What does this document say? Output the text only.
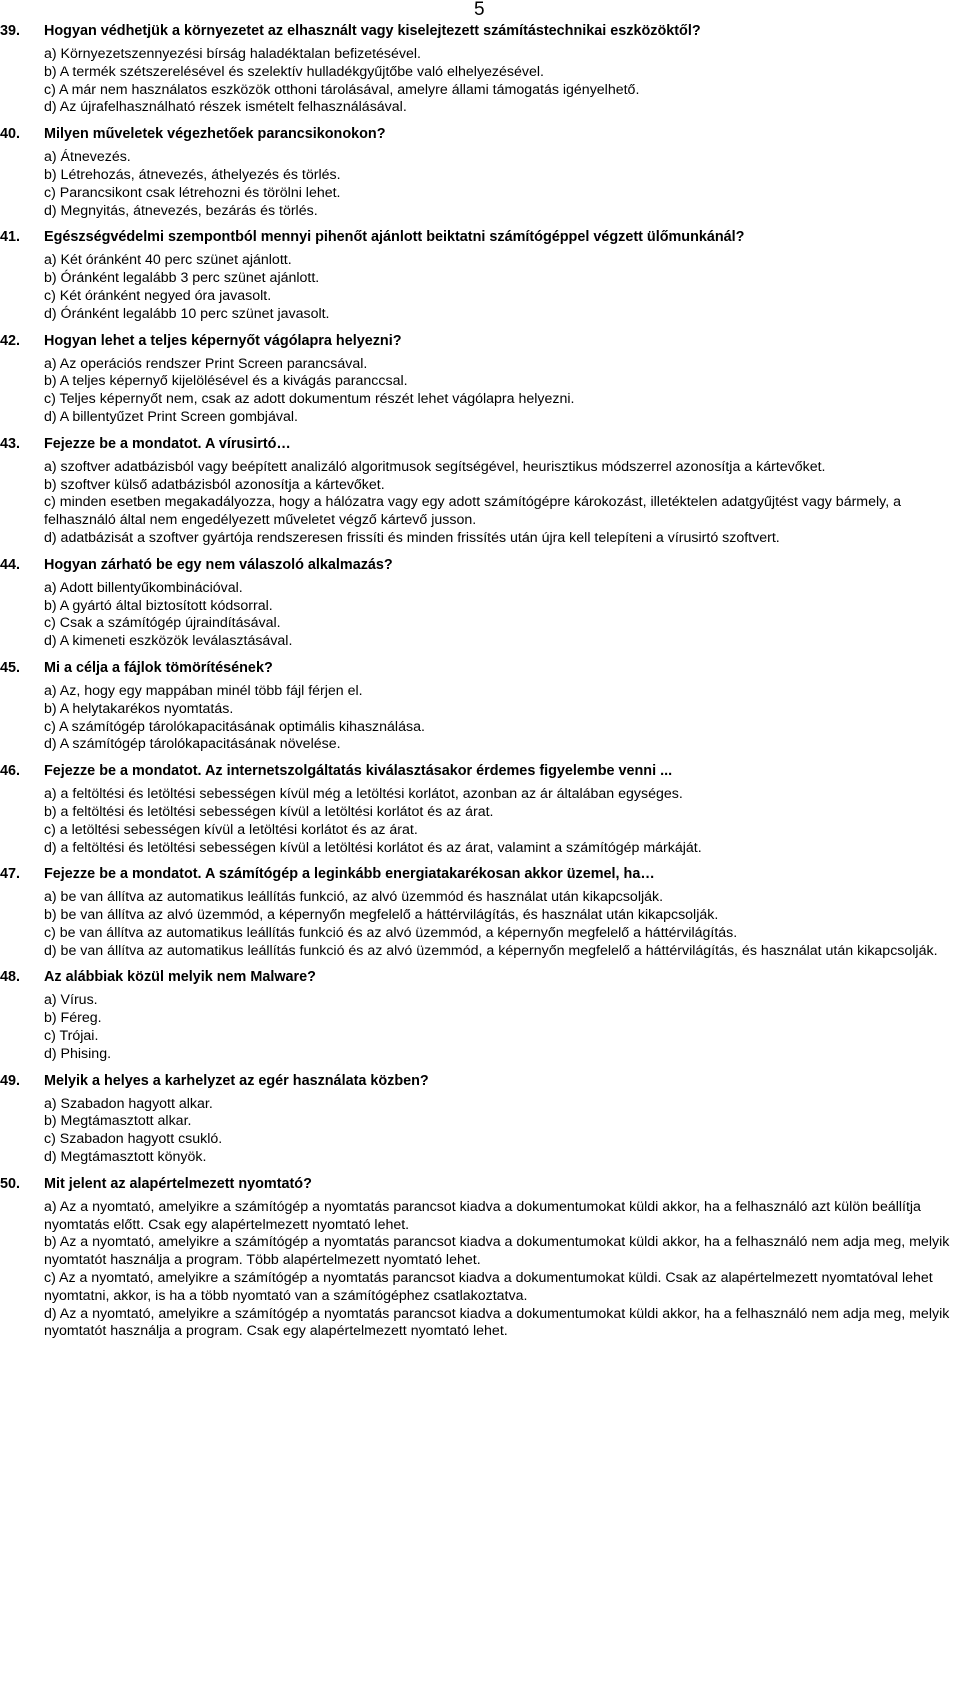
5
39.	Hogyan védhetjük a környezetet az elhasznált vagy kiselejtezett számítástechnikai eszközöktől?
a) Környezetszennyezési bírság haladéktalan befizetésével.
b) A termék szétszerelésével és szelektív hulladékgyűjtőbe való elhelyezésével.
c) A már nem használatos eszközök otthoni tárolásával, amelyre állami támogatás igényelhető.
d) Az újrafelhasználható részek ismételt felhasználásával.
40.	Milyen műveletek végezhetőek parancsikonokon?
a) Átnevezés.
b) Létrehozás, átnevezés, áthelyezés és törlés.
c) Parancsikont csak létrehozni és törölni lehet.
d) Megnyitás, átnevezés, bezárás és törlés.
41.	Egészségvédelmi szempontból mennyi pihenőt ajánlott beiktatni számítógéppel végzett ülőmunkánál?
a) Két óránként 40 perc szünet ajánlott.
b) Óránként legalább 3 perc szünet ajánlott.
c) Két óránként negyed óra javasolt.
d) Óránként legalább 10 perc szünet javasolt.
42.	Hogyan lehet a teljes képernyőt vágólapra helyezni?
a) Az operációs rendszer Print Screen parancsával.
b) A teljes képernyő kijelölésével és a kivágás paranccsal.
c) Teljes képernyőt nem, csak az adott dokumentum részét lehet vágólapra helyezni.
d) A billentyűzet Print Screen gombjával.
43.	Fejezze be a mondatot. A vírusirtó…
a) szoftver adatbázisból vagy beépített analizáló algoritmusok segítségével, heurisztikus módszerrel azonosítja a kártevőket.
b) szoftver külső adatbázisból azonosítja a kártevőket.
c) minden esetben megakadályozza, hogy a hálózatra vagy egy adott számítógépre károkozást, illetéktelen adatgyűjtést vagy bármely, a felhasználó által nem engedélyezett műveletet végző kártevő jusson.
d) adatbázisát a szoftver gyártója rendszeresen frissíti és minden frissítés után újra kell telepíteni a vírusirtó szoftvert.
44.	Hogyan zárható be egy nem válaszoló alkalmazás?
a) Adott billentyűkombinációval.
b) A gyártó által biztosított kódsorral.
c) Csak a számítógép újraindításával.
d) A kimeneti eszközök leválasztásával.
45.	Mi a célja a fájlok tömörítésének?
a) Az, hogy egy mappában minél több fájl férjen el.
b) A helytakarékos nyomtatás.
c) A számítógép tárolókapacitásának optimális kihasználása.
d) A számítógép tárolókapacitásának növelése.
46.	Fejezze be a mondatot. Az internetszolgáltatás kiválasztásakor érdemes figyelembe venni ...
a) a feltöltési és letöltési sebességen kívül még a letöltési korlátot, azonban az ár általában egységes.
b) a feltöltési és letöltési sebességen kívül a letöltési korlátot és az árat.
c) a letöltési sebességen kívül a letöltési korlátot és az árat.
d) a feltöltési és letöltési sebességen kívül a letöltési korlátot és az árat, valamint a számítógép márkáját.
47.	Fejezze be a mondatot. A számítógép a leginkább energiatakarékosan akkor üzemel, ha…
a) be van állítva az automatikus leállítás funkció, az alvó üzemmód és használat után kikapcsolják.
b) be van állítva az alvó üzemmód, a képernyőn megfelelő a háttérvilágítás, és használat után kikapcsolják.
c) be van állítva az automatikus leállítás funkció és az alvó üzemmód, a képernyőn megfelelő a háttérvilágítás.
d) be van állítva az automatikus leállítás funkció és az alvó üzemmód, a képernyőn megfelelő a háttérvilágítás, és használat után kikapcsolják.
48.	Az alábbiak közül melyik nem Malware?
a) Vírus.
b) Féreg.
c) Trójai.
d) Phising.
49.	Melyik a helyes a karhelyzet az egér használata közben?
a) Szabadon hagyott alkar.
b) Megtámasztott alkar.
c) Szabadon hagyott csukló.
d) Megtámasztott könyök.
50.	Mit jelent az alapértelmezett nyomtató?
a) Az a nyomtató, amelyikre a számítógép a nyomtatás parancsot kiadva a dokumentumokat küldi akkor, ha a felhasználó azt külön beállítja nyomtatás előtt. Csak egy alapértelmezett nyomtató lehet.
b) Az a nyomtató, amelyikre a számítógép a nyomtatás parancsot kiadva a dokumentumokat küldi akkor, ha a felhasználó nem adja meg, melyik nyomtatót használja a program. Több alapértelmezett nyomtató lehet.
c) Az a nyomtató, amelyikre a számítógép a nyomtatás parancsot kiadva a dokumentumokat küldi. Csak az alapértelmezett nyomtatóval lehet nyomtatni, akkor, is ha a több nyomtató van a számítógéphez csatlakoztatva.
d) Az a nyomtató, amelyikre a számítógép a nyomtatás parancsot kiadva a dokumentumokat küldi akkor, ha a felhasználó nem adja meg, melyik nyomtatót használja a program. Csak egy alapértelmezett nyomtató lehet.
